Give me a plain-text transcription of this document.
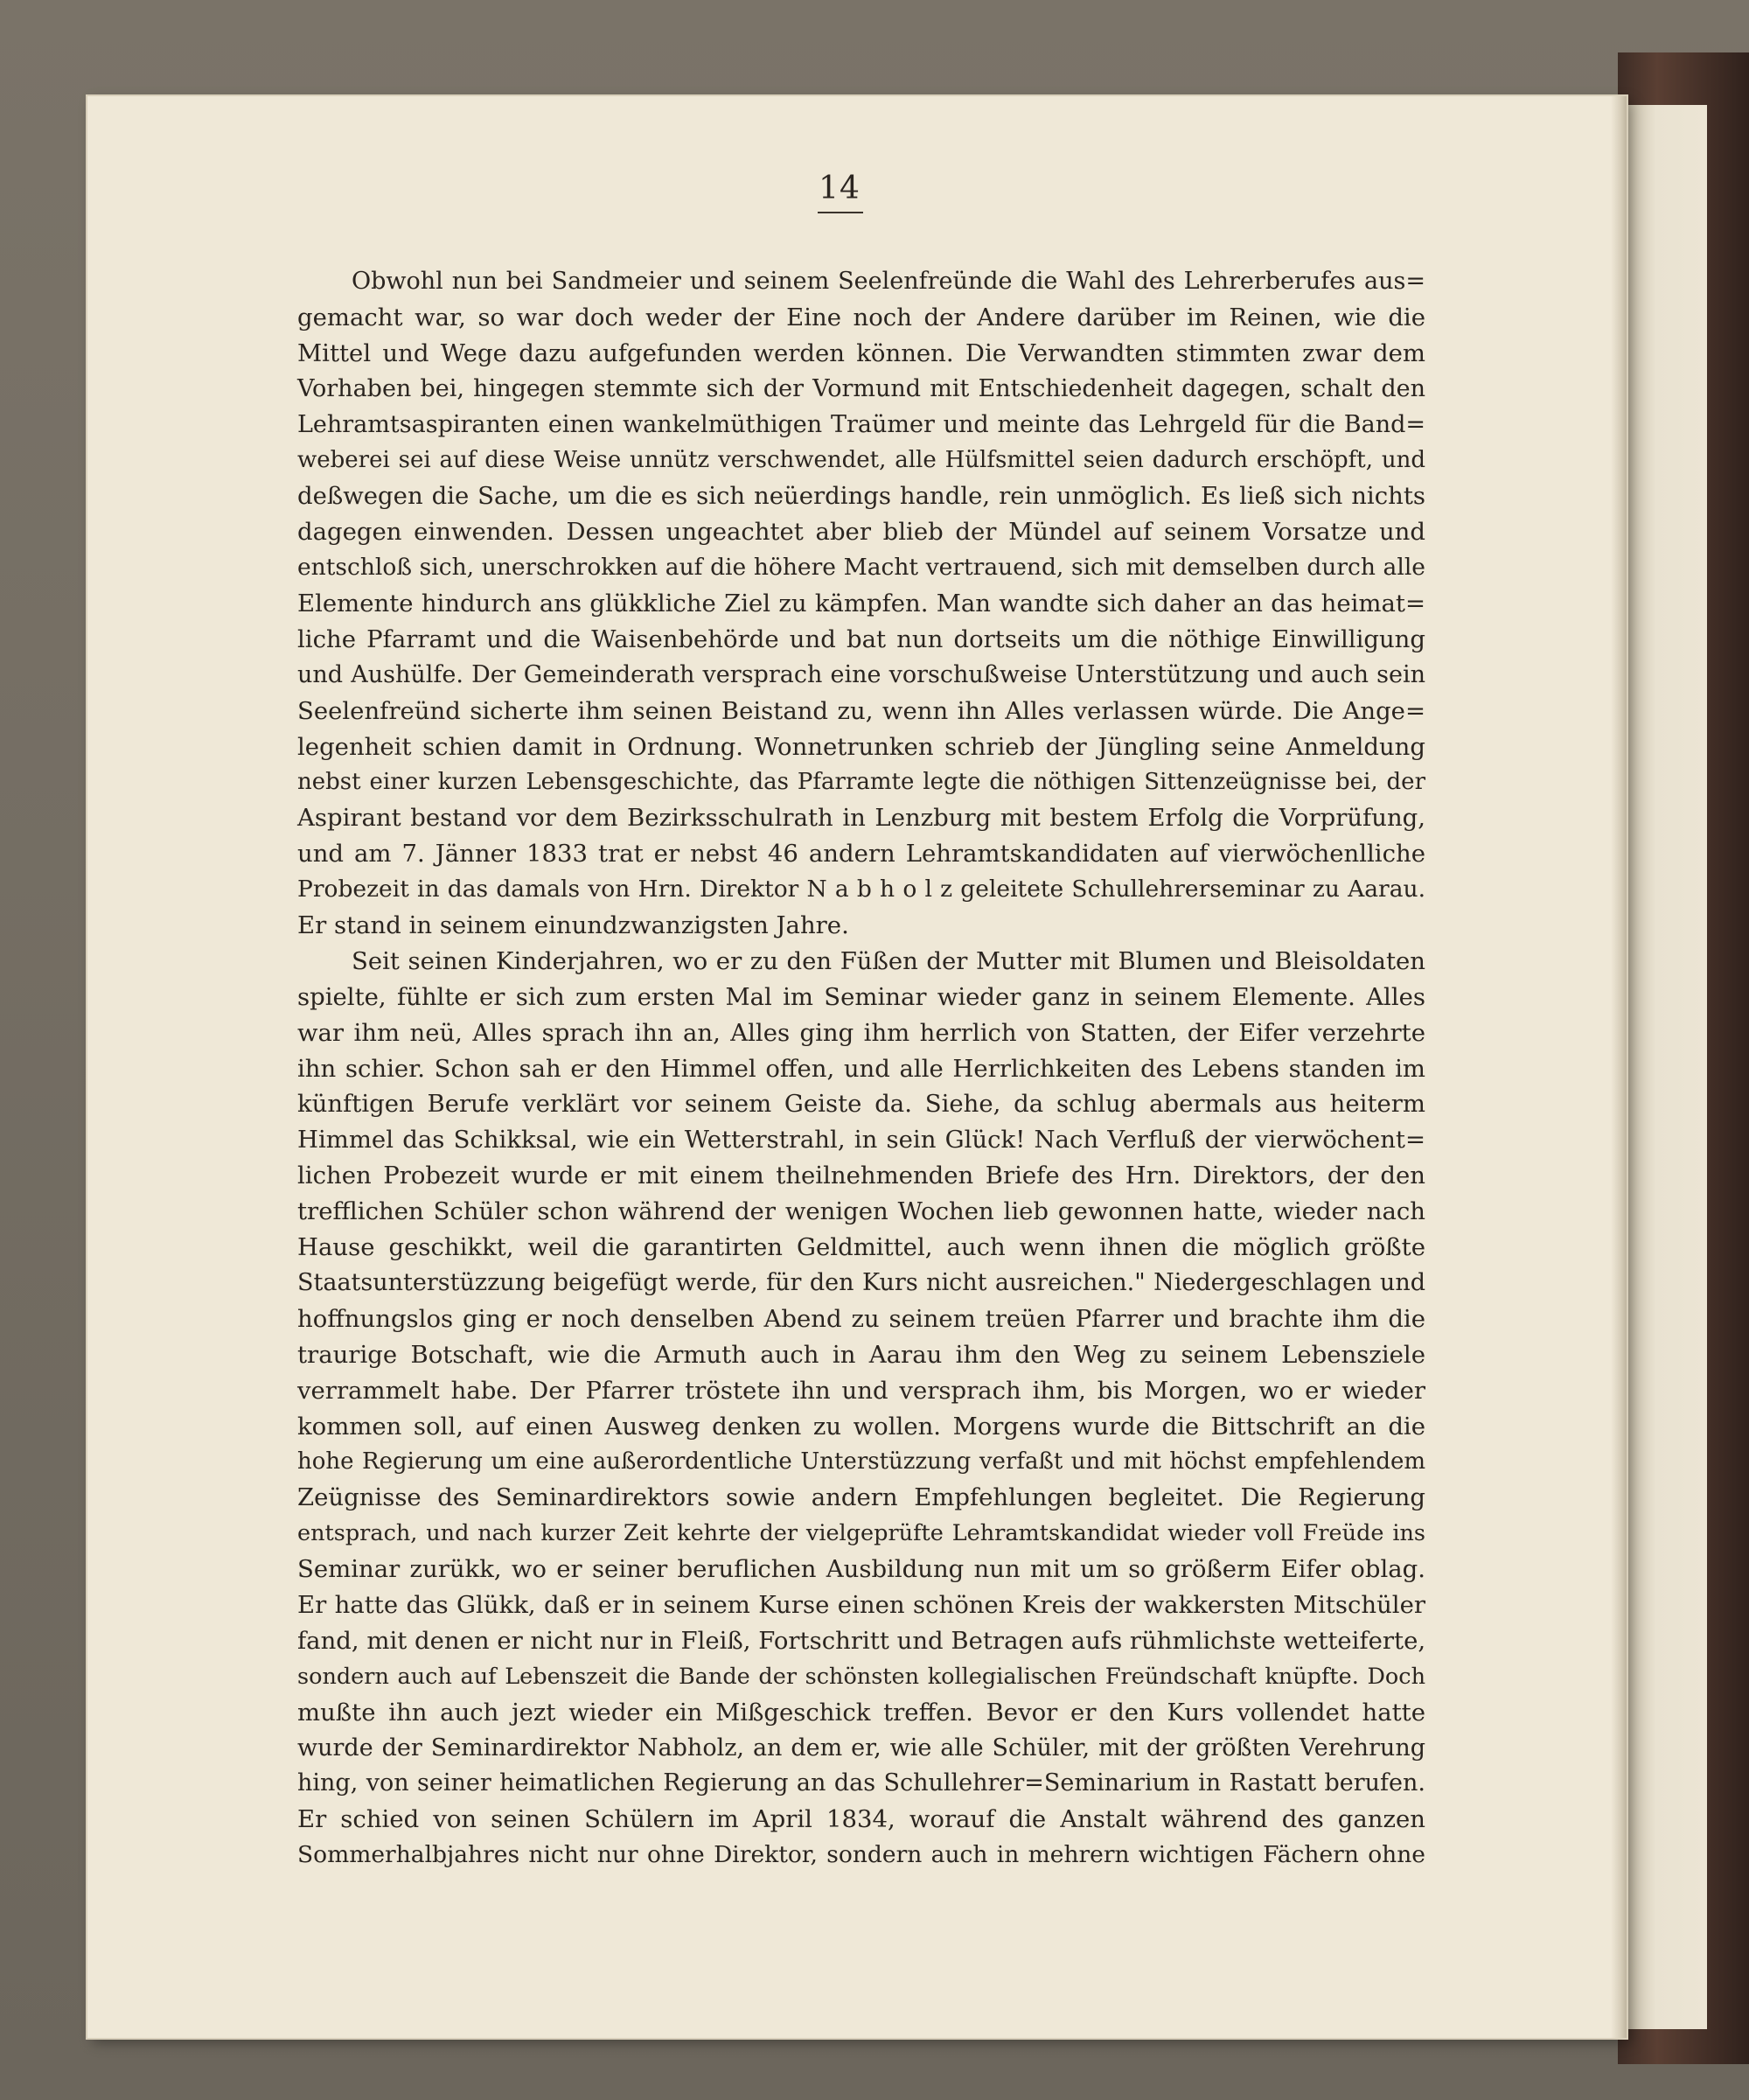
14
Obwohl nun bei Sandmeier und seinem Seelenfreünde die Wahl des Lehrerberufes aus=
gemacht war, so war doch weder der Eine noch der Andere darüber im Reinen, wie die
Mittel und Wege dazu aufgefunden werden können. Die Verwandten stimmten zwar dem
Vorhaben bei, hingegen stemmte sich der Vormund mit Entschiedenheit dagegen, schalt den
Lehramtsaspiranten einen wankelmüthigen Traümer und meinte das Lehrgeld für die Band=
weberei sei auf diese Weise unnütz verschwendet, alle Hülfsmittel seien dadurch erschöpft, und
deßwegen die Sache, um die es sich neüerdings handle, rein unmöglich. Es ließ sich nichts
dagegen einwenden. Dessen ungeachtet aber blieb der Mündel auf seinem Vorsatze und
entschloß sich, unerschrokken auf die höhere Macht vertrauend, sich mit demselben durch alle
Elemente hindurch ans glükkliche Ziel zu kämpfen. Man wandte sich daher an das heimat=
liche Pfarramt und die Waisenbehörde und bat nun dortseits um die nöthige Einwilligung
und Aushülfe. Der Gemeinderath versprach eine vorschußweise Unterstützung und auch sein
Seelenfreünd sicherte ihm seinen Beistand zu, wenn ihn Alles verlassen würde. Die Ange=
legenheit schien damit in Ordnung. Wonnetrunken schrieb der Jüngling seine Anmeldung
nebst einer kurzen Lebensgeschichte, das Pfarramte legte die nöthigen Sittenzeügnisse bei, der
Aspirant bestand vor dem Bezirksschulrath in Lenzburg mit bestem Erfolg die Vorprüfung,
und am 7. Jänner 1833 trat er nebst 46 andern Lehramtskandidaten auf vierwöchenlliche
Probezeit in das damals von Hrn. Direktor N a b h o l z geleitete Schullehrerseminar zu Aarau.
Er stand in seinem einundzwanzigsten Jahre.
Seit seinen Kinderjahren, wo er zu den Füßen der Mutter mit Blumen und Bleisoldaten
spielte, fühlte er sich zum ersten Mal im Seminar wieder ganz in seinem Elemente. Alles
war ihm neü, Alles sprach ihn an, Alles ging ihm herrlich von Statten, der Eifer verzehrte
ihn schier. Schon sah er den Himmel offen, und alle Herrlichkeiten des Lebens standen im
künftigen Berufe verklärt vor seinem Geiste da. Siehe, da schlug abermals aus heiterm
Himmel das Schikksal, wie ein Wetterstrahl, in sein Glück! Nach Verfluß der vierwöchent=
lichen Probezeit wurde er mit einem theilnehmenden Briefe des Hrn. Direktors, der den
trefflichen Schüler schon während der wenigen Wochen lieb gewonnen hatte, wieder nach
Hause geschikkt, weil die garantirten Geldmittel, auch wenn ihnen die möglich größte
Staatsunterstüzzung beigefügt werde, für den Kurs nicht ausreichen." Niedergeschlagen und
hoffnungslos ging er noch denselben Abend zu seinem treüen Pfarrer und brachte ihm die
traurige Botschaft, wie die Armuth auch in Aarau ihm den Weg zu seinem Lebensziele
verrammelt habe. Der Pfarrer tröstete ihn und versprach ihm, bis Morgen, wo er wieder
kommen soll, auf einen Ausweg denken zu wollen. Morgens wurde die Bittschrift an die
hohe Regierung um eine außerordentliche Unterstüzzung verfaßt und mit höchst empfehlendem
Zeügnisse des Seminardirektors sowie andern Empfehlungen begleitet. Die Regierung
entsprach, und nach kurzer Zeit kehrte der vielgeprüfte Lehramtskandidat wieder voll Freüde ins
Seminar zurükk, wo er seiner beruflichen Ausbildung nun mit um so größerm Eifer oblag.
Er hatte das Glükk, daß er in seinem Kurse einen schönen Kreis der wakkersten Mitschüler
fand, mit denen er nicht nur in Fleiß, Fortschritt und Betragen aufs rühmlichste wetteiferte,
sondern auch auf Lebenszeit die Bande der schönsten kollegialischen Freündschaft knüpfte. Doch
mußte ihn auch jezt wieder ein Mißgeschick treffen. Bevor er den Kurs vollendet hatte
wurde der Seminardirektor Nabholz, an dem er, wie alle Schüler, mit der größten Verehrung
hing, von seiner heimatlichen Regierung an das Schullehrer=Seminarium in Rastatt berufen.
Er schied von seinen Schülern im April 1834, worauf die Anstalt während des ganzen
Sommerhalbjahres nicht nur ohne Direktor, sondern auch in mehrern wichtigen Fächern ohne
